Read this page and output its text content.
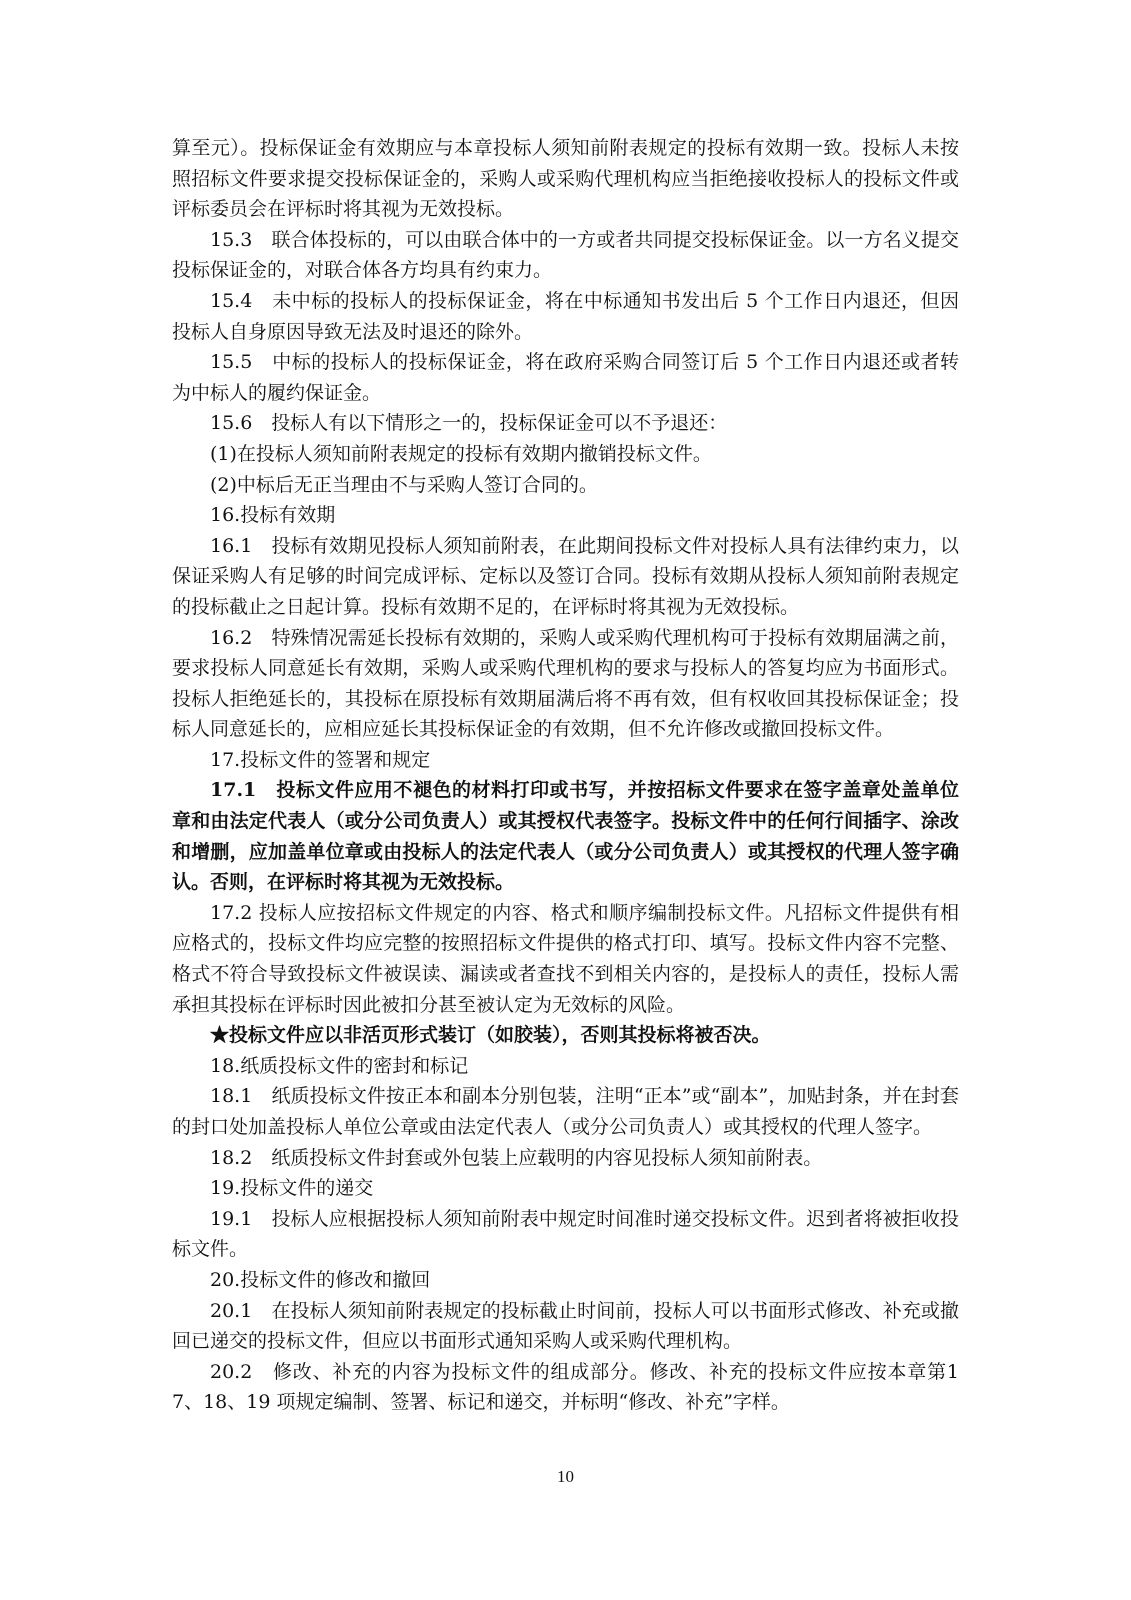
算至元）。投标保证金有效期应与本章投标人须知前附表规定的投标有效期一致。投标人未按照招标文件要求提交投标保证金的，采购人或采购代理机构应当拒绝接收投标人的投标文件或评标委员会在评标时将其视为无效投标。

15.3　联合体投标的，可以由联合体中的一方或者共同提交投标保证金。以一方名义提交投标保证金的，对联合体各方均具有约束力。

15.4　未中标的投标人的投标保证金，将在中标通知书发出后 5 个工作日内退还，但因投标人自身原因导致无法及时退还的除外。

15.5　中标的投标人的投标保证金，将在政府采购合同签订后 5 个工作日内退还或者转为中标人的履约保证金。

15.6　投标人有以下情形之一的，投标保证金可以不予退还：

(1)在投标人须知前附表规定的投标有效期内撤销投标文件。

(2)中标后无正当理由不与采购人签订合同的。

16.投标有效期

16.1　投标有效期见投标人须知前附表，在此期间投标文件对投标人具有法律约束力，以保证采购人有足够的时间完成评标、定标以及签订合同。投标有效期从投标人须知前附表规定的投标截止之日起计算。投标有效期不足的，在评标时将其视为无效投标。

16.2　特殊情况需延长投标有效期的，采购人或采购代理机构可于投标有效期届满之前，要求投标人同意延长有效期，采购人或采购代理机构的要求与投标人的答复均应为书面形式。投标人拒绝延长的，其投标在原投标有效期届满后将不再有效，但有权收回其投标保证金；投标人同意延长的，应相应延长其投标保证金的有效期，但不允许修改或撤回投标文件。

17.投标文件的签署和规定

17.1　投标文件应用不褪色的材料打印或书写，并按招标文件要求在签字盖章处盖单位章和由法定代表人（或分公司负责人）或其授权代表签字。投标文件中的任何行间插字、涂改和增删，应加盖单位章或由投标人的法定代表人（或分公司负责人）或其授权的代理人签字确认。否则，在评标时将其视为无效投标。

17.2 投标人应按招标文件规定的内容、格式和顺序编制投标文件。凡招标文件提供有相应格式的，投标文件均应完整的按照招标文件提供的格式打印、填写。投标文件内容不完整、格式不符合导致投标文件被误读、漏读或者查找不到相关内容的，是投标人的责任，投标人需承担其投标在评标时因此被扣分甚至被认定为无效标的风险。

★投标文件应以非活页形式装订（如胶装），否则其投标将被否决。

18.纸质投标文件的密封和标记

18.1　纸质投标文件按正本和副本分别包装，注明“正本”或“副本”，加贴封条，并在封套的封口处加盖投标人单位公章或由法定代表人（或分公司负责人）或其授权的代理人签字。

18.2　纸质投标文件封套或外包装上应载明的内容见投标人须知前附表。

19.投标文件的递交

19.1　投标人应根据投标人须知前附表中规定时间准时递交投标文件。迟到者将被拒收投标文件。

20.投标文件的修改和撤回

20.1　在投标人须知前附表规定的投标截止时间前，投标人可以书面形式修改、补充或撤回已递交的投标文件，但应以书面形式通知采购人或采购代理机构。

20.2　修改、补充的内容为投标文件的组成部分。修改、补充的投标文件应按本章第17、18、19 项规定编制、签署、标记和递交，并标明“修改、补充”字样。

10
